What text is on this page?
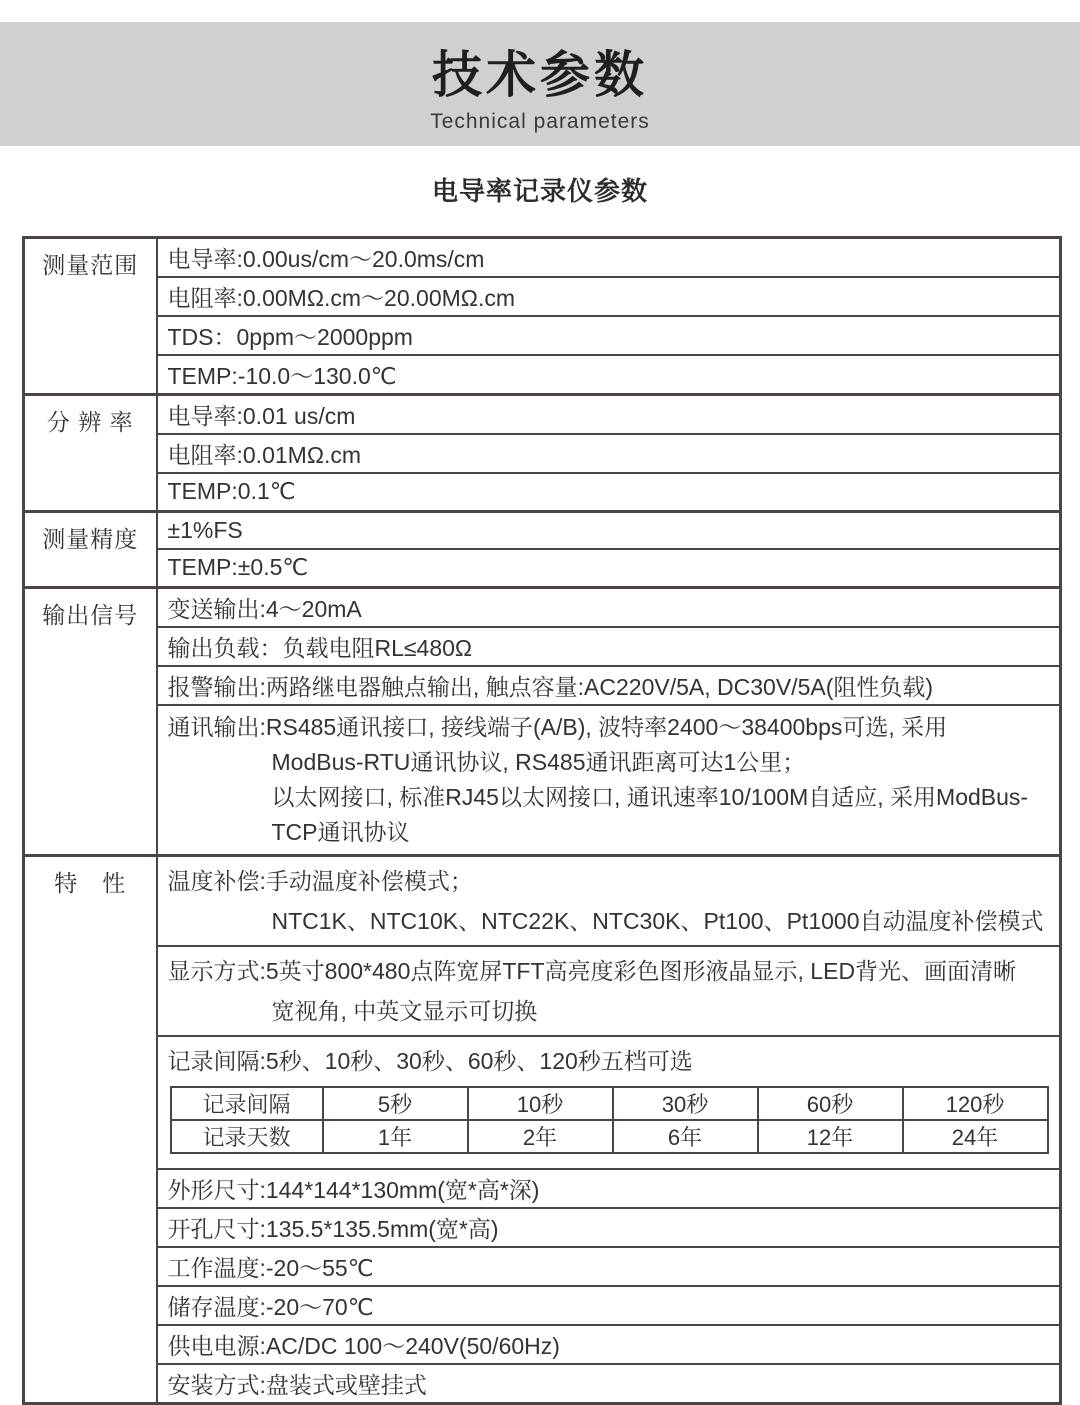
技术参数
Technical parameters
电导率记录仪参数
测量范围	电导率:0.00us/cm～20.0ms/cm
电阻率:0.00MΩ.cm～20.00MΩ.cm
TDS：0ppm～2000ppm
TEMP:-10.0～130.0℃
分 辨 率	电导率:0.01 us/cm
电阻率:0.01MΩ.cm
TEMP:0.1℃
测量精度	±1%FS
TEMP:±0.5℃
输出信号	变送输出:4～20mA
输出负载：负载电阻RL≤480Ω
报警输出:两路继电器触点输出, 触点容量:AC220V/5A, DC30V/5A(阻性负载)

通讯输出:RS485通讯接口, 接线端子(A/B), 波特率2400～38400bps可选, 采用
ModBus-RTU通讯协议, RS485通讯距离可达1公里；
以太网接口, 标准RJ45以太网接口, 通讯速率10/100M自适应, 采用ModBus-
TCP通讯协议

特　性	温度补偿:手动温度补偿模式；
NTC1K、NTC10K、NTC22K、NTC30K、Pt100、Pt1000自动温度补偿模式

显示方式:5英寸800*480点阵宽屏TFT高亮度彩色图形液晶显示, LED背光、画面清晰
宽视角, 中英文显示可切换

记录间隔:5秒、10秒、30秒、60秒、120秒五档可选
记录间隔	5秒	10秒	30秒	60秒	120秒
记录天数	1年	2年	6年	12年	24年

外形尺寸:144*144*130mm(宽*高*深)
开孔尺寸:135.5*135.5mm(宽*高)
工作温度:-20～55℃
储存温度:-20～70℃
供电电源:AC/DC 100～240V(50/60Hz)
安装方式:盘装式或壁挂式
